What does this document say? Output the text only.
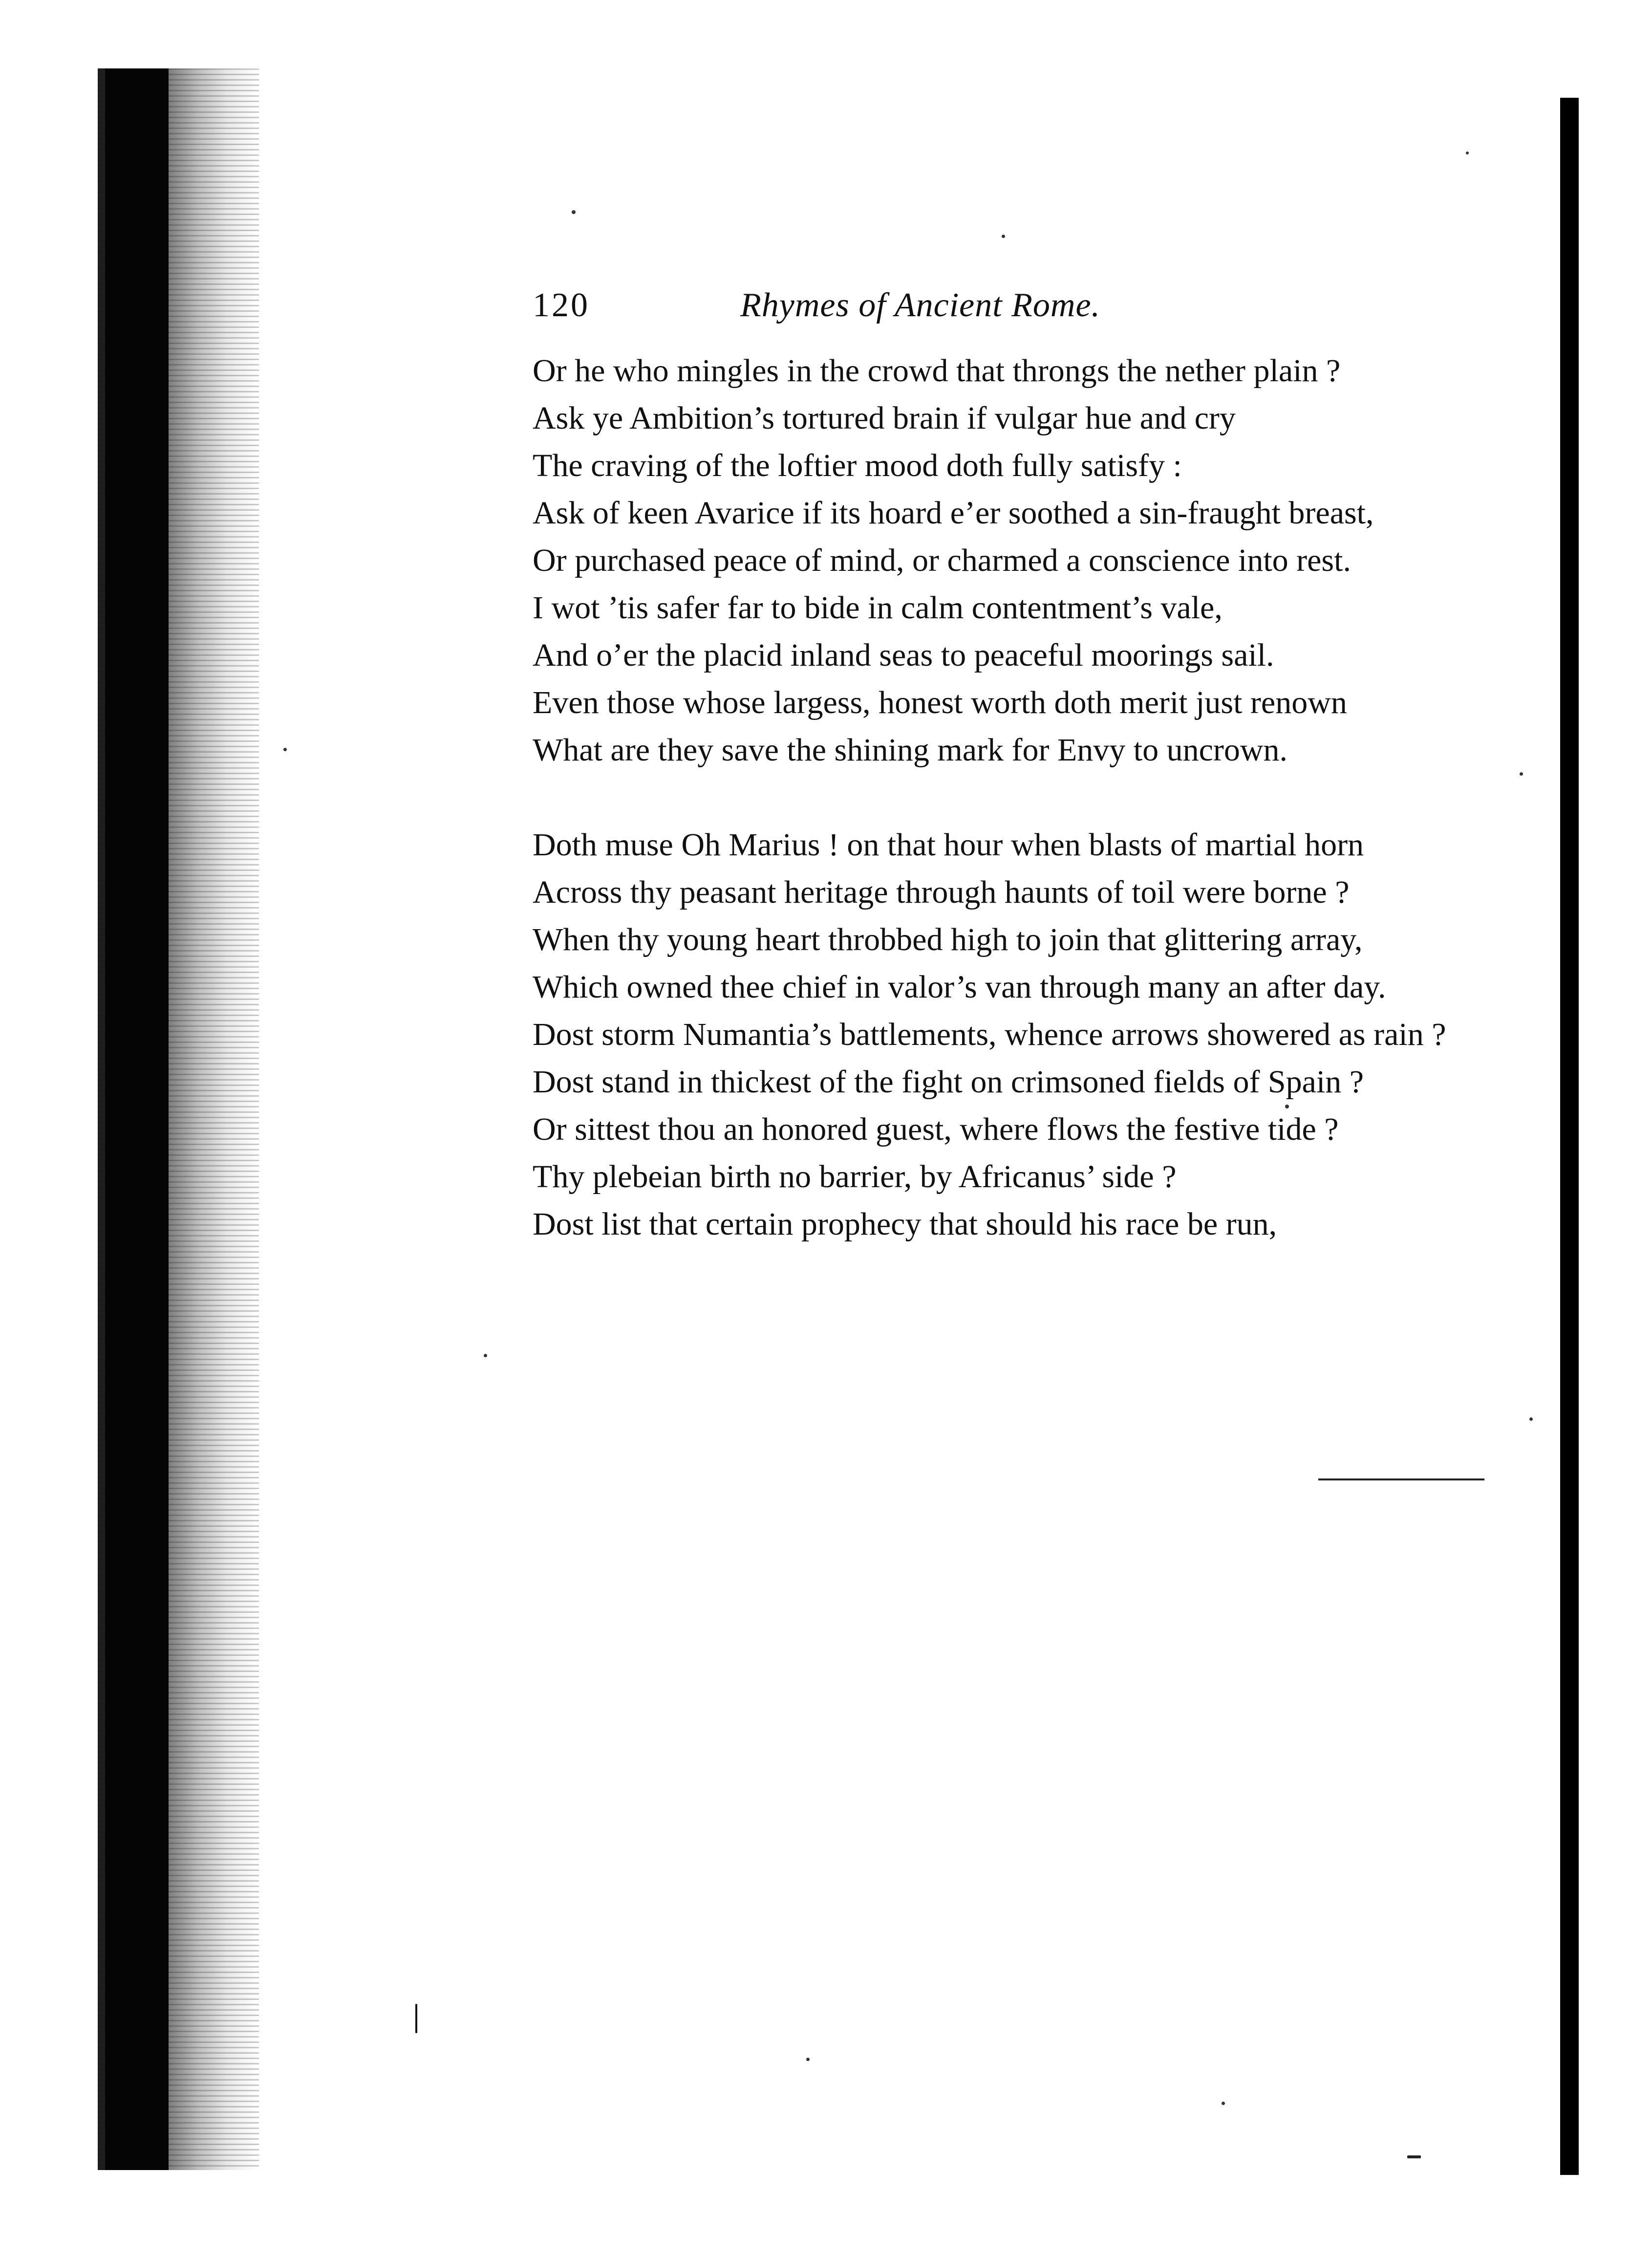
120	Rhymes of Ancient Rome.

Or he who mingles in the crowd that throngs the nether plain ?

Ask ye Ambition’s tortured brain if vulgar hue and cry

The craving of the loftier mood doth fully satisfy :

Ask of keen Avarice if its hoard e’er soothed a sin-fraught breast,

Or purchased peace of mind, or charmed a conscience into rest.

I wot ’tis safer far to bide in calm contentment’s vale,

And o’er the placid inland seas to peaceful moorings sail.

Even those whose largess, honest worth doth merit just renown

What are they save the shining mark for Envy to uncrown.

Doth muse Oh Marius ! on that hour when blasts of martial horn

Across thy peasant heritage through haunts of toil were borne ?

When thy young heart throbbed high to join that glittering array,

Which owned thee chief in valor’s van through many an after day.

Dost storm Numantia’s battlements, whence arrows showered as rain ?

Dost stand in thickest of the fight on crimsoned fields of Spain ?

Or sittest thou an honored guest, where flows the festive tide ?

Thy plebeian birth no barrier, by Africanus’ side ?

Dost list that certain prophecy that should his race be run,
